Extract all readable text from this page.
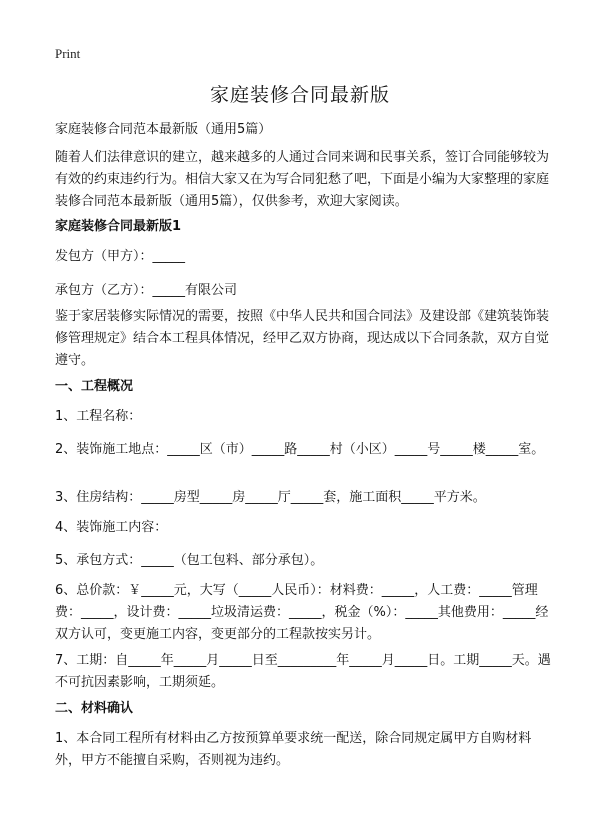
Print
家庭装修合同最新版

家庭装修合同范本最新版（通用5篇）

随着人们法律意识的建立，越来越多的人通过合同来调和民事关系，签订合同能够较为有效的约束违约行为。相信大家又在为写合同犯愁了吧，下面是小编为大家整理的家庭装修合同范本最新版（通用5篇），仅供参考，欢迎大家阅读。

家庭装修合同最新版1

发包方（甲方）：_____

承包方（乙方）：_____有限公司

鉴于家居装修实际情况的需要，按照《中华人民共和国合同法》及建设部《建筑装饰装修管理规定》结合本工程具体情况，经甲乙双方协商，现达成以下合同条款，双方自觉遵守。

一、工程概况

1、工程名称：

2、装饰施工地点：_____区（市）_____路_____村（小区）_____号_____楼_____室。

3、住房结构：_____房型_____房_____厅_____套，施工面积_____平方米。

4、装饰施工内容：

5、承包方式：_____（包工包料、部分承包）。

6、总价款：￥_____元，大写（_____人民币）：材料费：_____，人工费：_____管理费：_____，设计费：_____垃圾清运费：_____，税金（%）：_____其他费用：_____经双方认可，变更施工内容，变更部分的工程款按实另计。

7、工期：自_____年_____月_____日至_________年_____月_____日。工期_____天。遇不可抗因素影响，工期须延。

二、材料确认

1、本合同工程所有材料由乙方按预算单要求统一配送，除合同规定属甲方自购材料外，甲方不能擅自采购，否则视为违约。
